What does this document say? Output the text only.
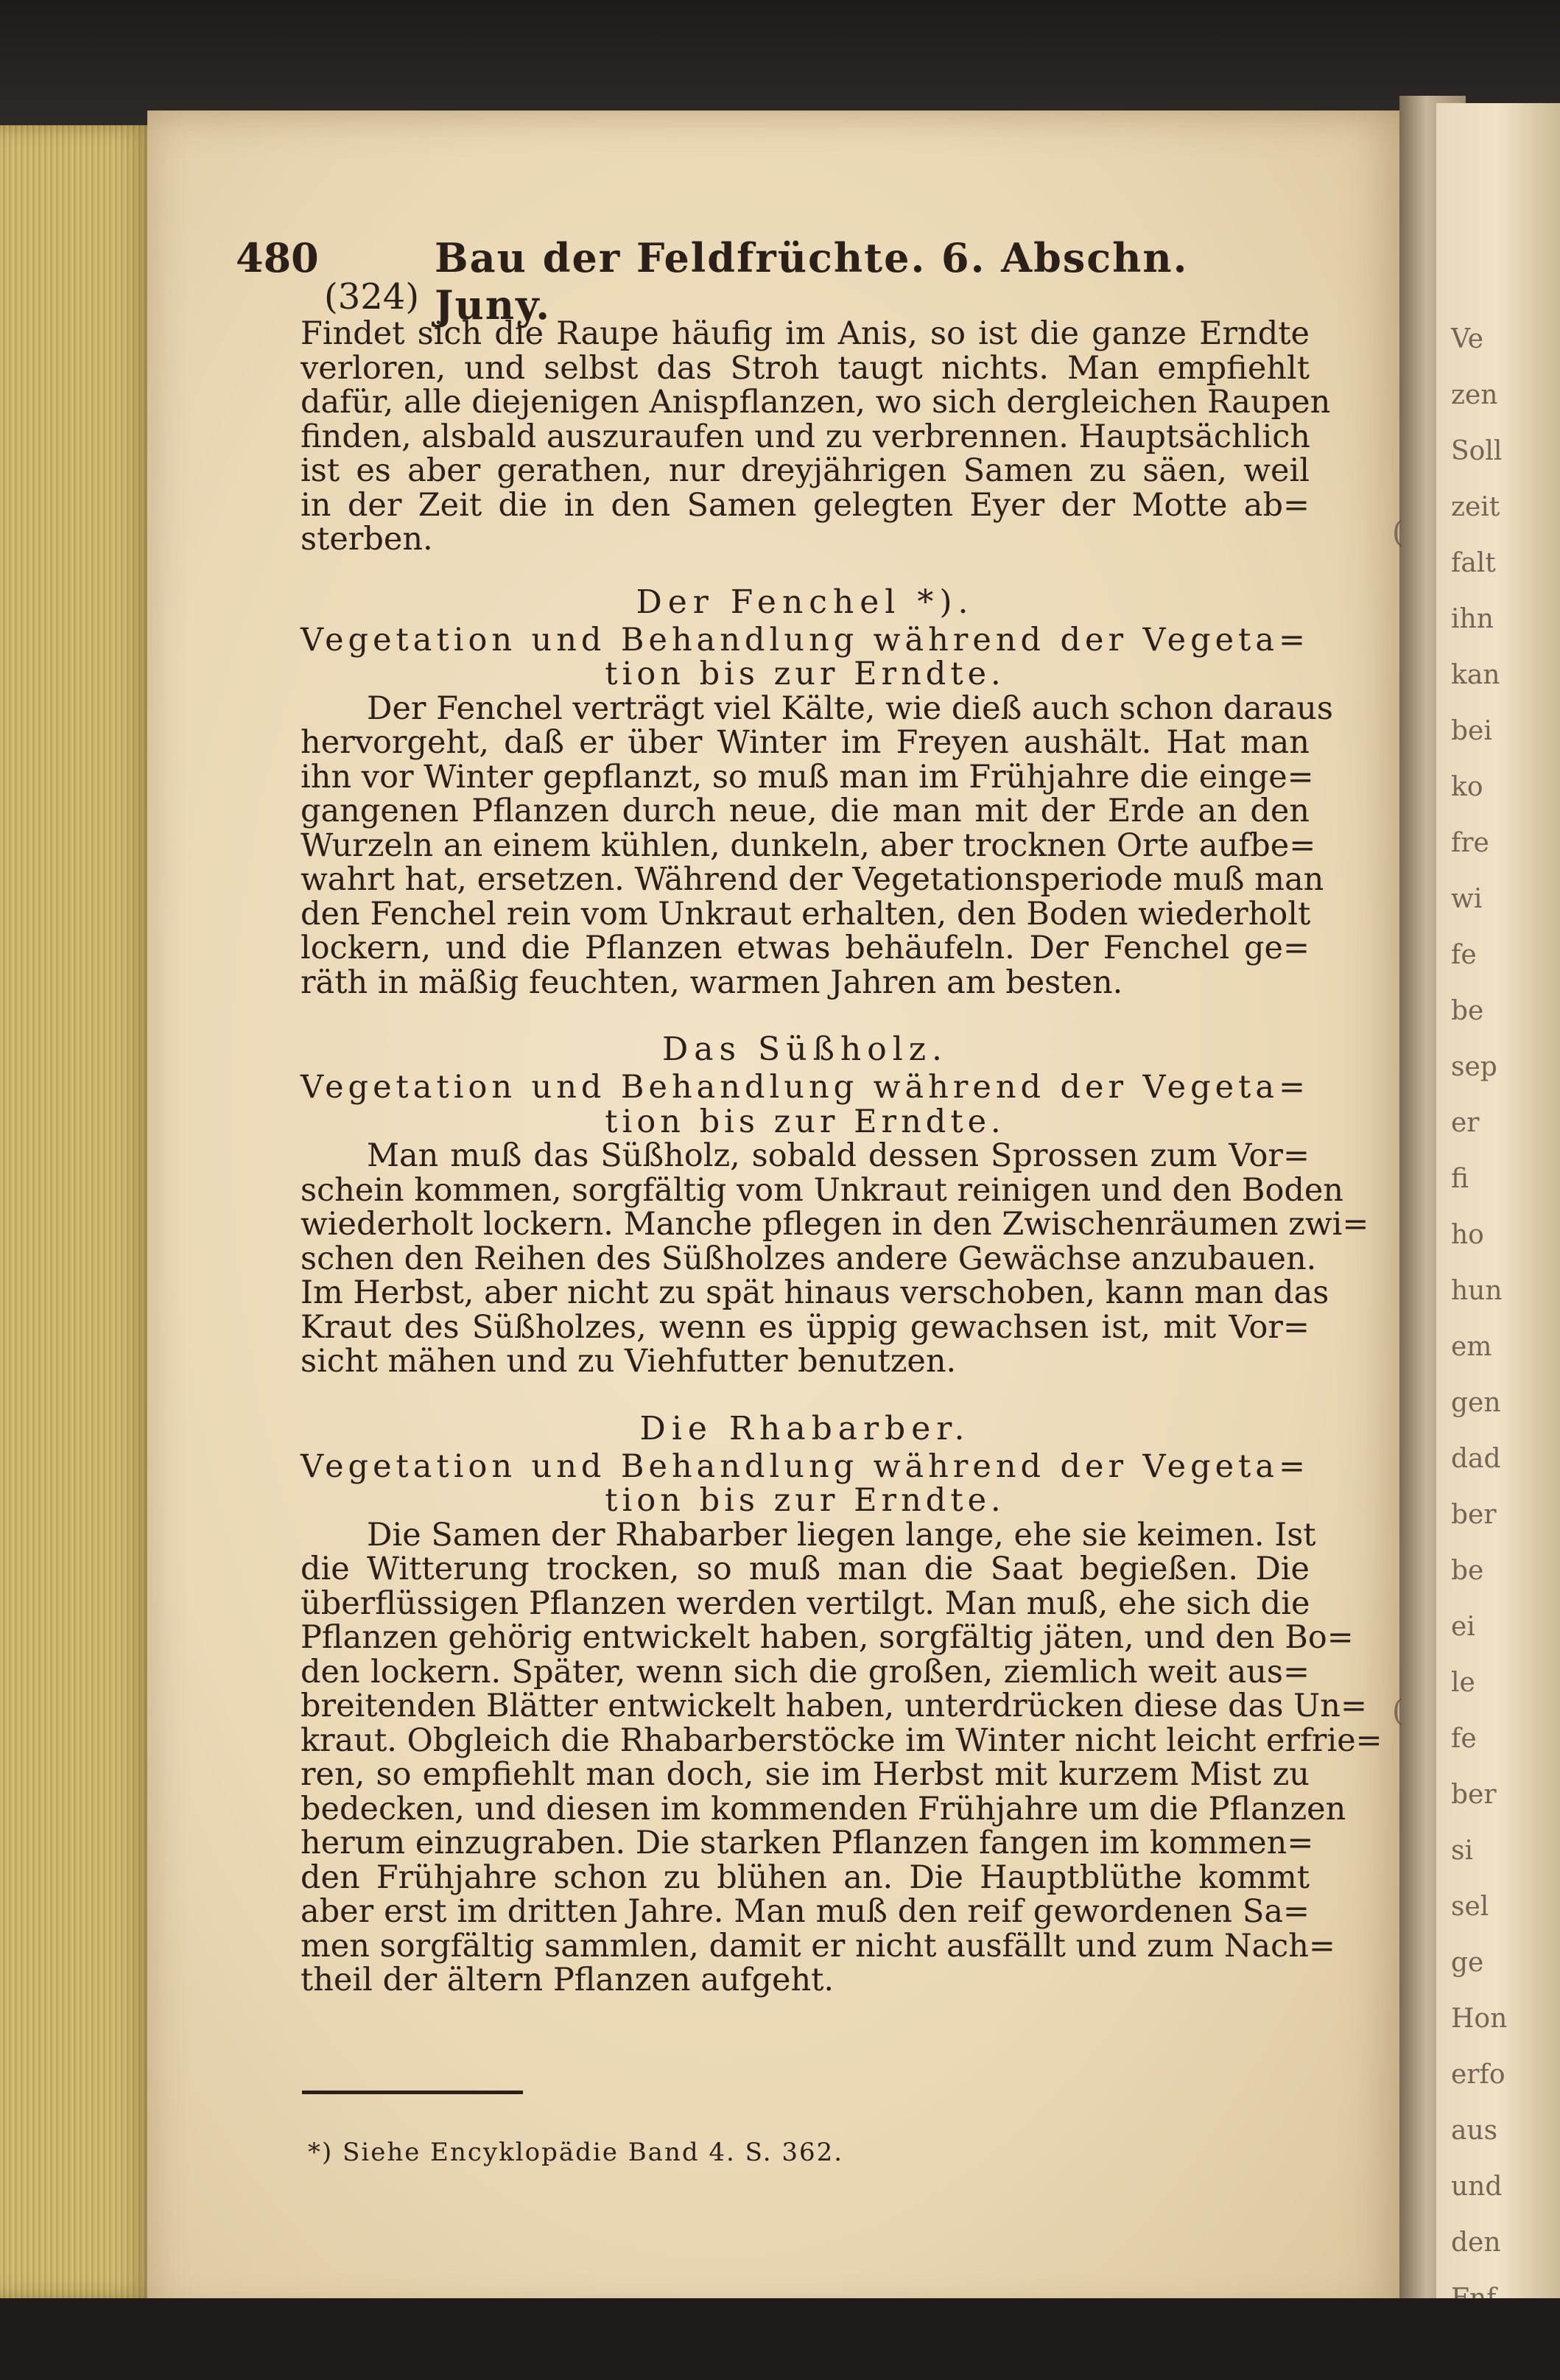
Ve
zen
Soll
zeit
falt
ihn
kan
bei
ko
fre
wi
fe
be
sep
er
fi
ho
hun
em
gen
dad
ber
be
ei
le
fe
ber
si
sel
ge
Hon
erfo
aus
und
den
480	Bau der Feldfrüchte. 6. Abschn. Juny.
(324)
Findet sich die Raupe häufig im Anis, so ist die ganze Erndte
verloren, und selbst das Stroh taugt nichts. Man empfiehlt
dafür, alle diejenigen Anispflanzen, wo sich dergleichen Raupen
finden, alsbald auszuraufen und zu verbrennen. Hauptsächlich
ist es aber gerathen, nur dreyjährigen Samen zu säen, weil
in der Zeit die in den Samen gelegten Eyer der Motte ab=
sterben.
Der Fenchel *).
Vegetation und Behandlung während der Vegeta=
tion bis zur Erndte.
Der Fenchel verträgt viel Kälte, wie dieß auch schon daraus
hervorgeht, daß er über Winter im Freyen aushält. Hat man
ihn vor Winter gepflanzt, so muß man im Frühjahre die einge=
gangenen Pflanzen durch neue, die man mit der Erde an den
Wurzeln an einem kühlen, dunkeln, aber trocknen Orte aufbe=
wahrt hat, ersetzen. Während der Vegetationsperiode muß man
den Fenchel rein vom Unkraut erhalten, den Boden wiederholt
lockern, und die Pflanzen etwas behäufeln. Der Fenchel ge=
räth in mäßig feuchten, warmen Jahren am besten.
Das Süßholz.
Vegetation und Behandlung während der Vegeta=
tion bis zur Erndte.
Man muß das Süßholz, sobald dessen Sprossen zum Vor=
schein kommen, sorgfältig vom Unkraut reinigen und den Boden
wiederholt lockern. Manche pflegen in den Zwischenräumen zwi=
schen den Reihen des Süßholzes andere Gewächse anzubauen.
Im Herbst, aber nicht zu spät hinaus verschoben, kann man das
Kraut des Süßholzes, wenn es üppig gewachsen ist, mit Vor=
sicht mähen und zu Viehfutter benutzen.
Die Rhabarber.
Vegetation und Behandlung während der Vegeta=
tion bis zur Erndte.
Die Samen der Rhabarber liegen lange, ehe sie keimen. Ist
die Witterung trocken, so muß man die Saat begießen. Die
überflüssigen Pflanzen werden vertilgt. Man muß, ehe sich die
Pflanzen gehörig entwickelt haben, sorgfältig jäten, und den Bo=
den lockern. Später, wenn sich die großen, ziemlich weit aus=
breitenden Blätter entwickelt haben, unterdrücken diese das Un=
kraut. Obgleich die Rhabarberstöcke im Winter nicht leicht erfrie=
ren, so empfiehlt man doch, sie im Herbst mit kurzem Mist zu
bedecken, und diesen im kommenden Frühjahre um die Pflanzen
herum einzugraben. Die starken Pflanzen fangen im kommen=
den Frühjahre schon zu blühen an. Die Hauptblüthe kommt
aber erst im dritten Jahre. Man muß den reif gewordenen Sa=
men sorgfältig sammlen, damit er nicht ausfällt und zum Nach=
theil der ältern Pflanzen aufgeht.
*) Siehe Encyklopädie Band 4. S. 362.
(
(
